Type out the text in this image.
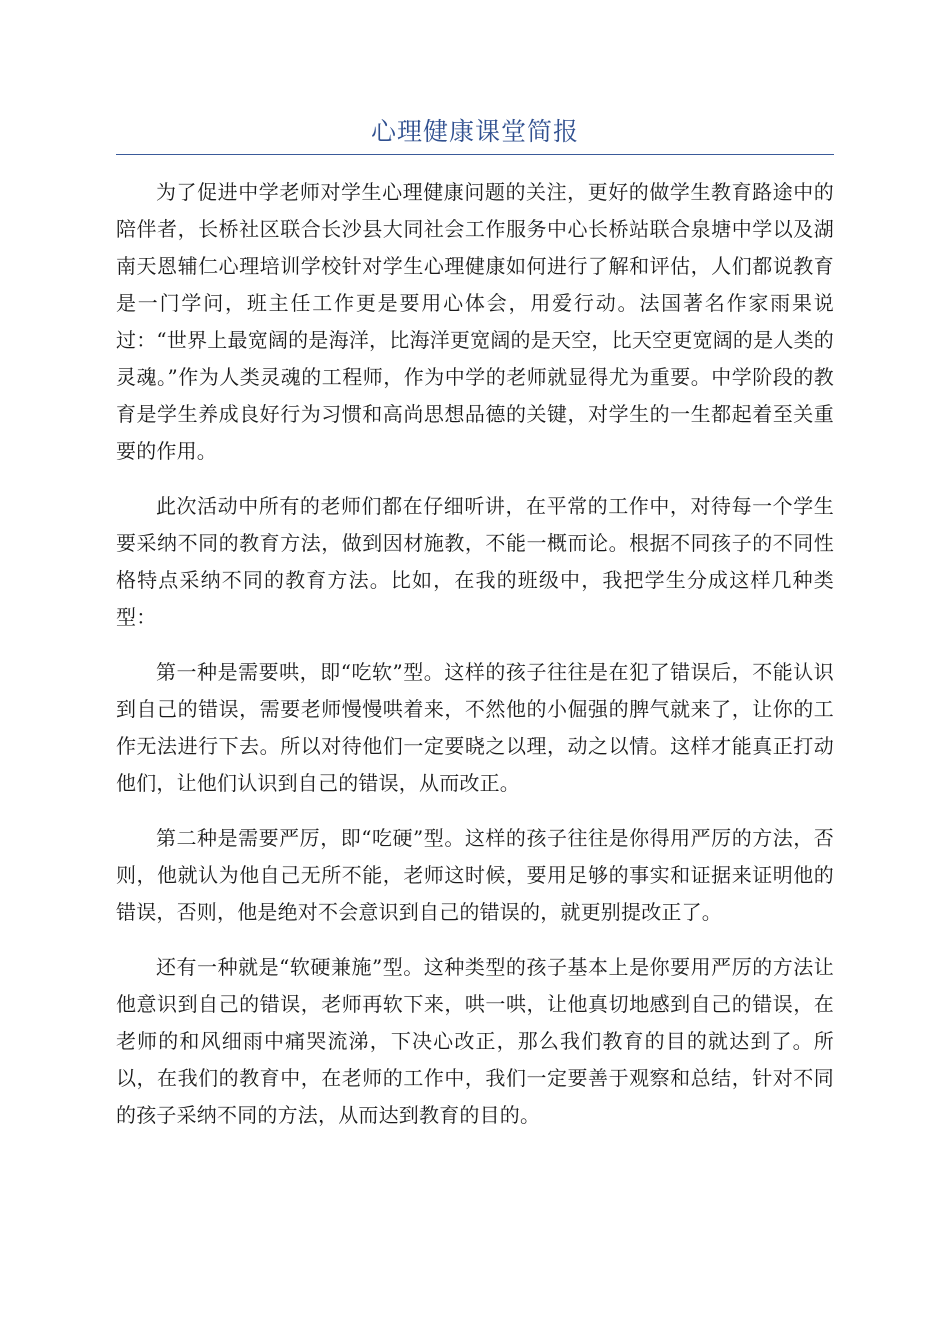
心理健康课堂简报

为了促进中学老师对学生心理健康问题的关注，更好的做学生教育路途中的陪伴者，长桥社区联合长沙县大同社会工作服务中心长桥站联合泉塘中学以及湖南天恩辅仁心理培训学校针对学生心理健康如何进行了解和评估，人们都说教育是一门学问，班主任工作更是要用心体会，用爱行动。法国著名作家雨果说过：“世界上最宽阔的是海洋，比海洋更宽阔的是天空，比天空更宽阔的是人类的灵魂。”作为人类灵魂的工程师，作为中学的老师就显得尤为重要。中学阶段的教育是学生养成良好行为习惯和高尚思想品德的关键，对学生的一生都起着至关重要的作用。

此次活动中所有的老师们都在仔细听讲，在平常的工作中，对待每一个学生要采纳不同的教育方法，做到因材施教，不能一概而论。根据不同孩子的不同性格特点采纳不同的教育方法。比如，在我的班级中，我把学生分成这样几种类型：

第一种是需要哄，即“吃软”型。这样的孩子往往是在犯了错误后，不能认识到自己的错误，需要老师慢慢哄着来，不然他的小倔强的脾气就来了，让你的工作无法进行下去。所以对待他们一定要晓之以理，动之以情。这样才能真正打动他们，让他们认识到自己的错误，从而改正。

第二种是需要严厉，即“吃硬”型。这样的孩子往往是你得用严厉的方法，否则，他就认为他自己无所不能，老师这时候，要用足够的事实和证据来证明他的错误，否则，他是绝对不会意识到自己的错误的，就更别提改正了。

还有一种就是“软硬兼施”型。这种类型的孩子基本上是你要用严厉的方法让他意识到自己的错误，老师再软下来，哄一哄，让他真切地感到自己的错误，在老师的和风细雨中痛哭流涕，下决心改正，那么我们教育的目的就达到了。所以，在我们的教育中，在老师的工作中，我们一定要善于观察和总结，针对不同的孩子采纳不同的方法，从而达到教育的目的。
